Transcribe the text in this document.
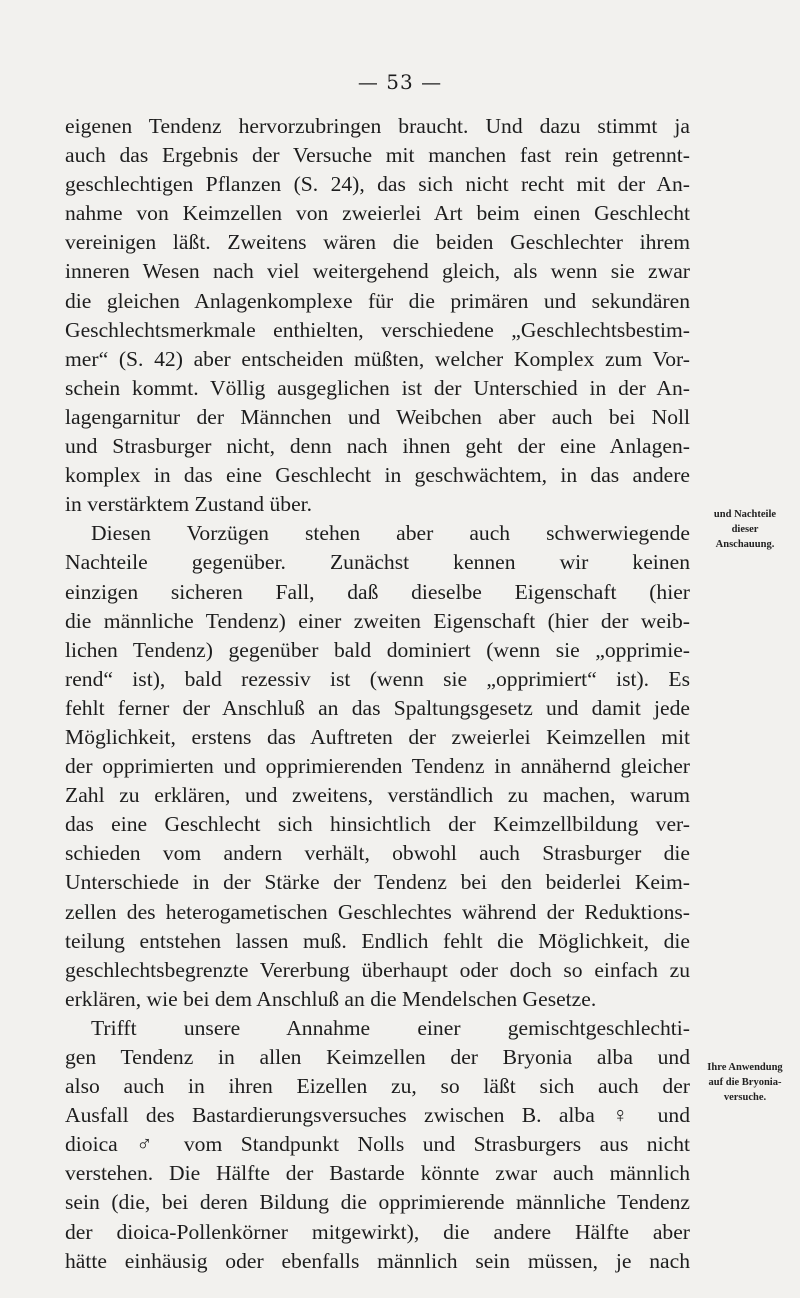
— 53 —
eigenen Tendenz hervorzubringen braucht. Und dazu stimmt ja
auch das Ergebnis der Versuche mit manchen fast rein getrennt-
geschlechtigen Pflanzen (S. 24), das sich nicht recht mit der An-
nahme von Keimzellen von zweierlei Art beim einen Geschlecht
vereinigen läßt. Zweitens wären die beiden Geschlechter ihrem
inneren Wesen nach viel weitergehend gleich, als wenn sie zwar
die gleichen Anlagenkomplexe für die primären und sekundären
Geschlechtsmerkmale enthielten, verschiedene „Geschlechtsbestim-
mer“ (S. 42) aber entscheiden müßten, welcher Komplex zum Vor-
schein kommt. Völlig ausgeglichen ist der Unterschied in der An-
lagengarnitur der Männchen und Weibchen aber auch bei Noll
und Strasburger nicht, denn nach ihnen geht der eine Anlagen-
komplex in das eine Geschlecht in geschwächtem, in das andere
in verstärktem Zustand über.
Diesen Vorzügen stehen aber auch schwerwiegende
Nachteile gegenüber. Zunächst kennen wir keinen
einzigen sicheren Fall, daß dieselbe Eigenschaft (hier
die männliche Tendenz) einer zweiten Eigenschaft (hier der weib-
lichen Tendenz) gegenüber bald dominiert (wenn sie „opprimie-
rend“ ist), bald rezessiv ist (wenn sie „opprimiert“ ist). Es
fehlt ferner der Anschluß an das Spaltungsgesetz und damit jede
Möglichkeit, erstens das Auftreten der zweierlei Keimzellen mit
der opprimierten und opprimierenden Tendenz in annähernd gleicher
Zahl zu erklären, und zweitens, verständlich zu machen, warum
das eine Geschlecht sich hinsichtlich der Keimzellbildung ver-
schieden vom andern verhält, obwohl auch Strasburger die
Unterschiede in der Stärke der Tendenz bei den beiderlei Keim-
zellen des heterogametischen Geschlechtes während der Reduktions-
teilung entstehen lassen muß. Endlich fehlt die Möglichkeit, die
geschlechtsbegrenzte Vererbung überhaupt oder doch so einfach zu
erklären, wie bei dem Anschluß an die Mendelschen Gesetze.
Trifft unsere Annahme einer gemischtgeschlechti-
gen Tendenz in allen Keimzellen der Bryonia alba und
also auch in ihren Eizellen zu, so läßt sich auch der
Ausfall des Bastardierungsversuches zwischen B. alba ♀ und
dioica ♂ vom Standpunkt Nolls und Strasburgers aus nicht
verstehen. Die Hälfte der Bastarde könnte zwar auch männlich
sein (die, bei deren Bildung die opprimierende männliche Tendenz
der dioica-Pollenkörner mitgewirkt), die andere Hälfte aber
hätte einhäusig oder ebenfalls männlich sein müssen, je nach
und Nachteile
dieser
Anschauung.
Ihre Anwendung
auf die Bryonia-
versuche.
